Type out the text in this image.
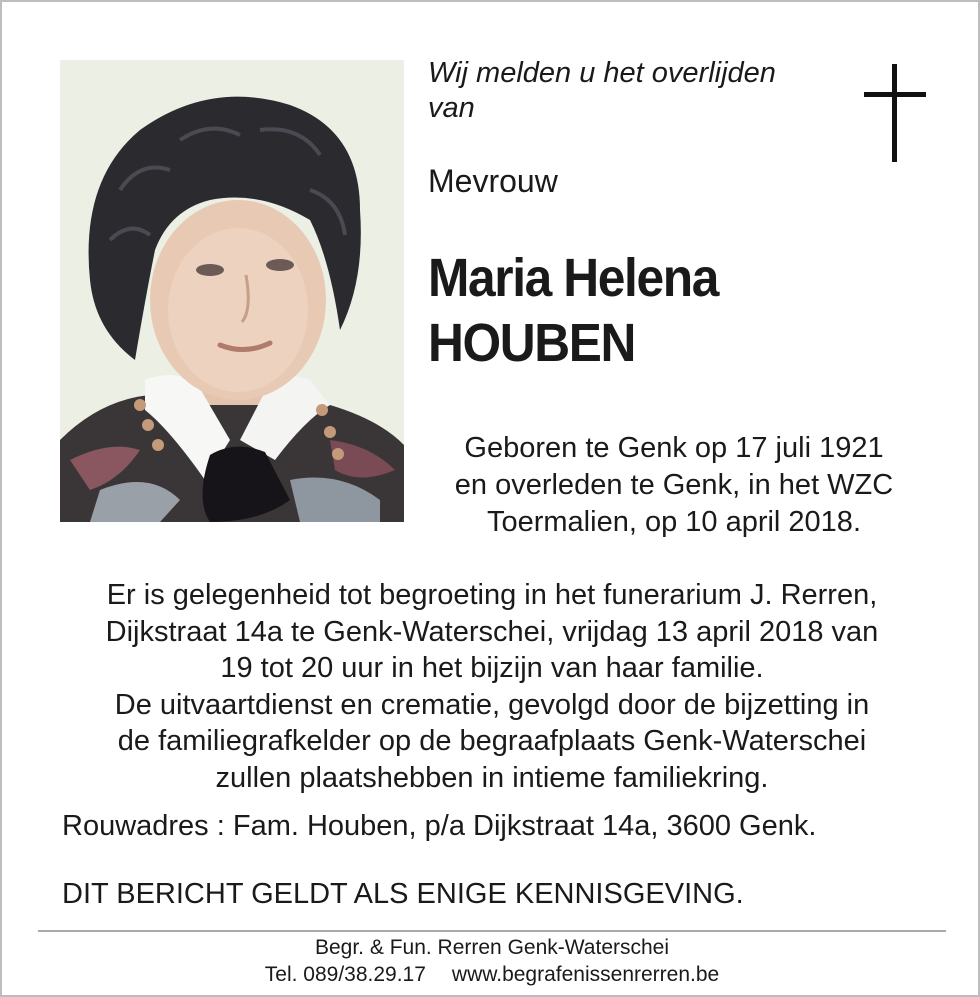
Wij melden u het overlijden
van
Mevrouw
Maria Helena
HOUBEN
Geboren te Genk op 17 juli 1921
en overleden te Genk, in het WZC
Toermalien, op 10 april 2018.
Er is gelegenheid tot begroeting in het funerarium J. Rerren,
Dijkstraat 14a te Genk-Waterschei, vrijdag 13 april 2018 van
19 tot 20 uur in het bijzijn van haar familie.
De uitvaartdienst en crematie, gevolgd door de bijzetting in
de familiegrafkelder op de begraafplaats Genk-Waterschei
zullen plaatshebben in intieme familiekring.
Rouwadres : Fam. Houben, p/a Dijkstraat 14a, 3600 Genk.
DIT BERICHT GELDT ALS ENIGE KENNISGEVING.
Begr. & Fun. Rerren Genk-Waterschei
Tel. 089/38.29.17 www.begrafenissenrerren.be
